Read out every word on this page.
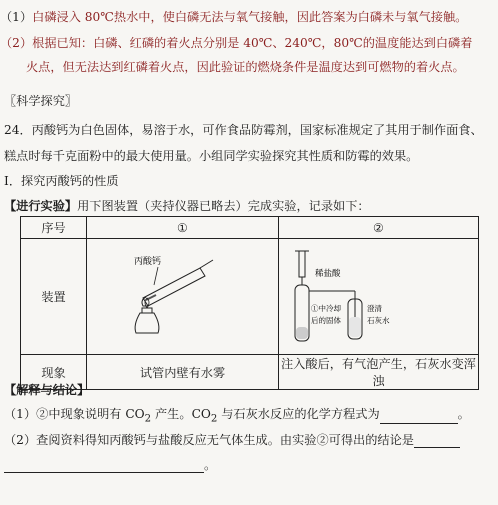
（1）白磷浸入 80℃热水中，使白磷无法与氧气接触，因此答案为白磷未与氧气接触。
（2）根据已知：白磷、红磷的着火点分别是 40℃、240℃，80℃的温度能达到白磷着
火点，但无法达到红磷着火点，因此验证的燃烧条件是温度达到可燃物的着火点。
〖科学探究〗
24．丙酸钙为白色固体，易溶于水，可作食品防霉剂，国家标准规定了其用于制作面食、
糕点时每千克面粉中的最大使用量。小组同学实验探究其性质和防霉的效果。
Ⅰ．探究丙酸钙的性质
【进行实验】用下图装置（夹持仪器已略去）完成实验，记录如下：
序号	①	②
装置	丙酸钙	稀盐酸
①中冷却
后的固体
澄清
石灰水

现象	试管内壁有水雾	注入酸后，有气泡产生，石灰水变浑浊
【解释与结论】
（1）②中现象说明有 $CO_2$ 产生。$CO_2$ 与石灰水反应的化学方程式为	。
（2）查阅资料得知丙酸钙与盐酸反应无气体生成。由实验②可得出的结论是
。
